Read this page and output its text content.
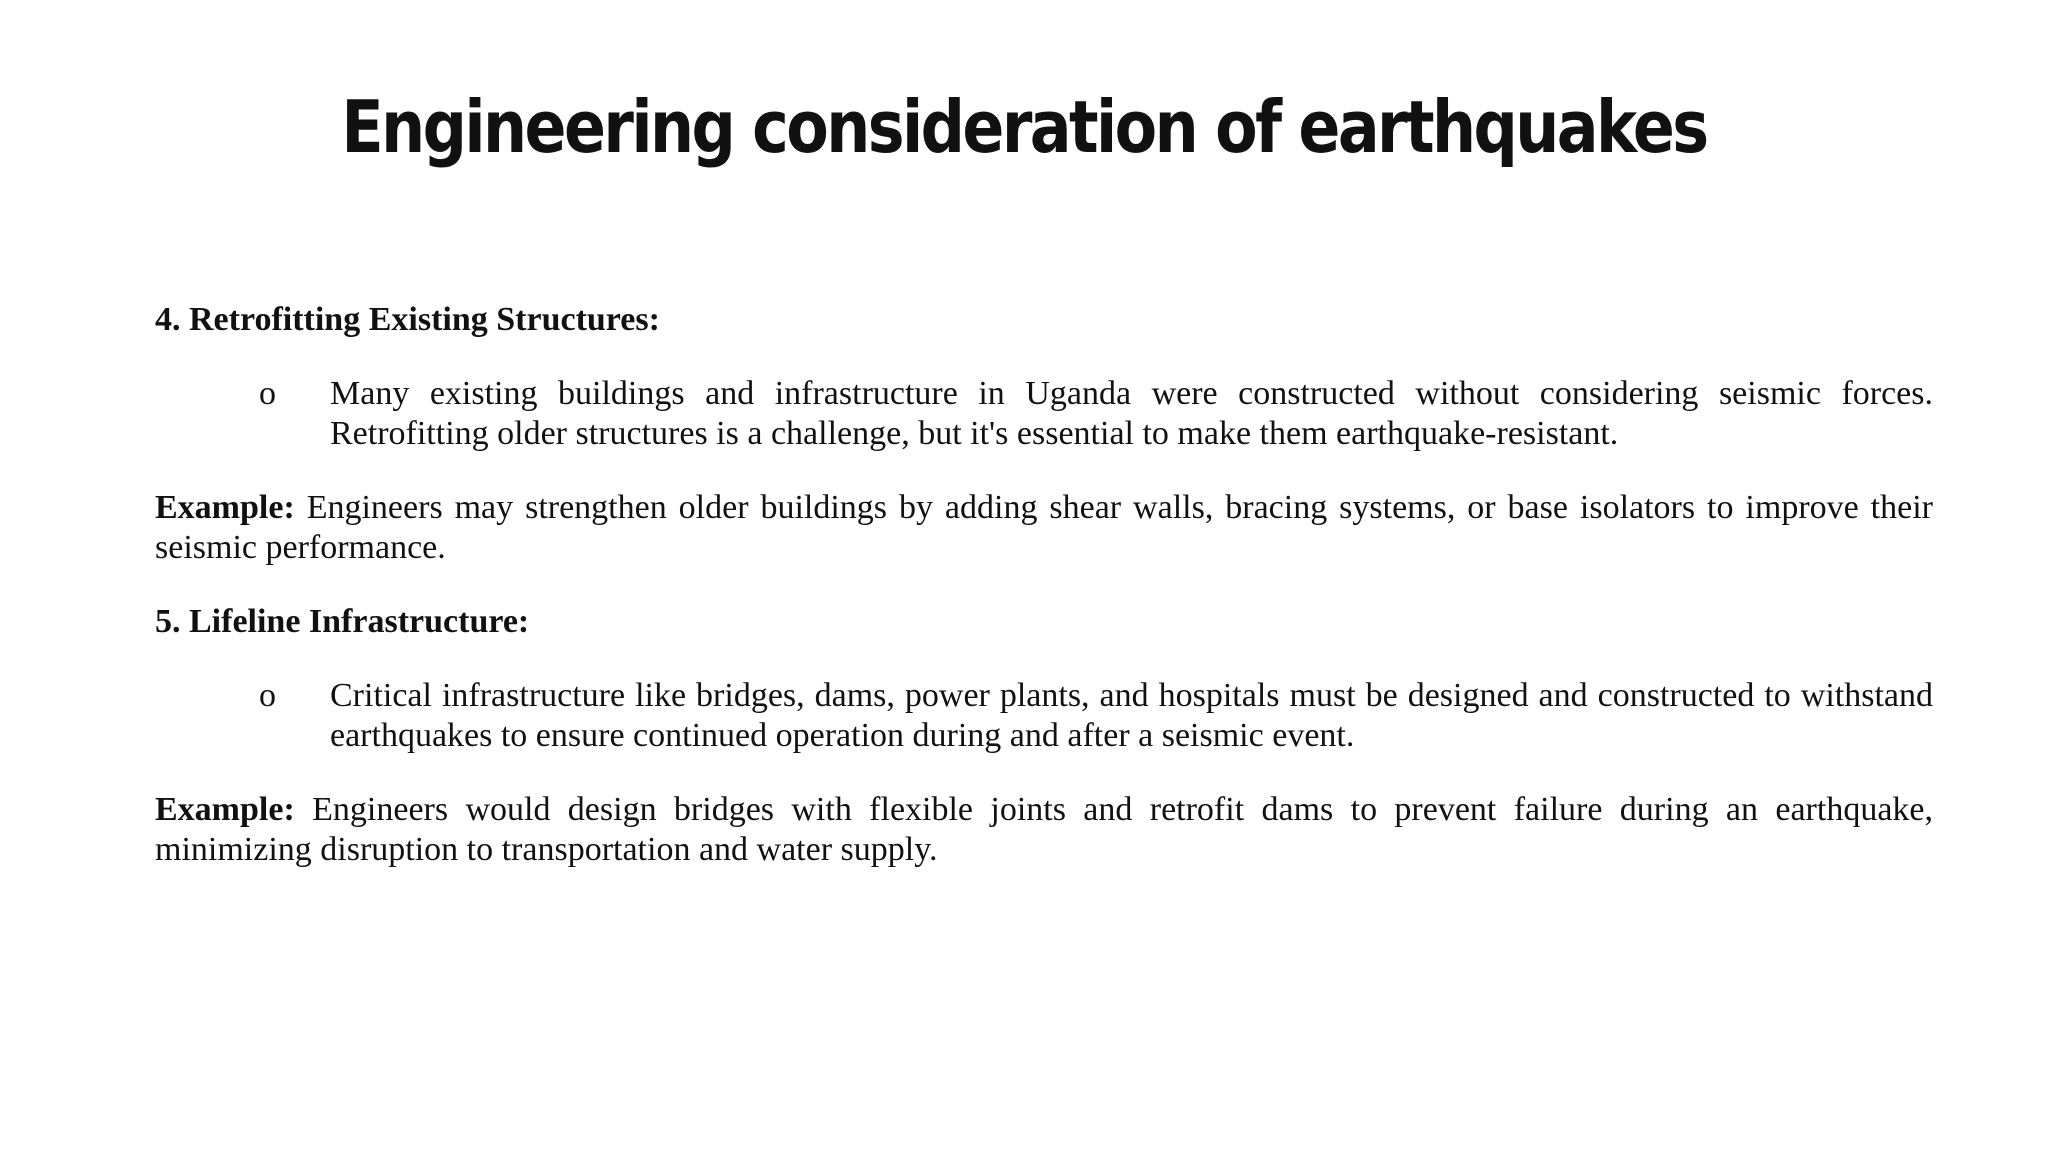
Engineering consideration of earthquakes

4. Retrofitting Existing Structures:

o Many existing buildings and infrastructure in Uganda were constructed without considering seismic forces. Retrofitting older structures is a challenge, but it's essential to make them earthquake-resistant.

Example: Engineers may strengthen older buildings by adding shear walls, bracing systems, or base isolators to improve their seismic performance.

5. Lifeline Infrastructure:

o Critical infrastructure like bridges, dams, power plants, and hospitals must be designed and constructed to withstand earthquakes to ensure continued operation during and after a seismic event.

Example: Engineers would design bridges with flexible joints and retrofit dams to prevent failure during an earthquake, minimizing disruption to transportation and water supply.
